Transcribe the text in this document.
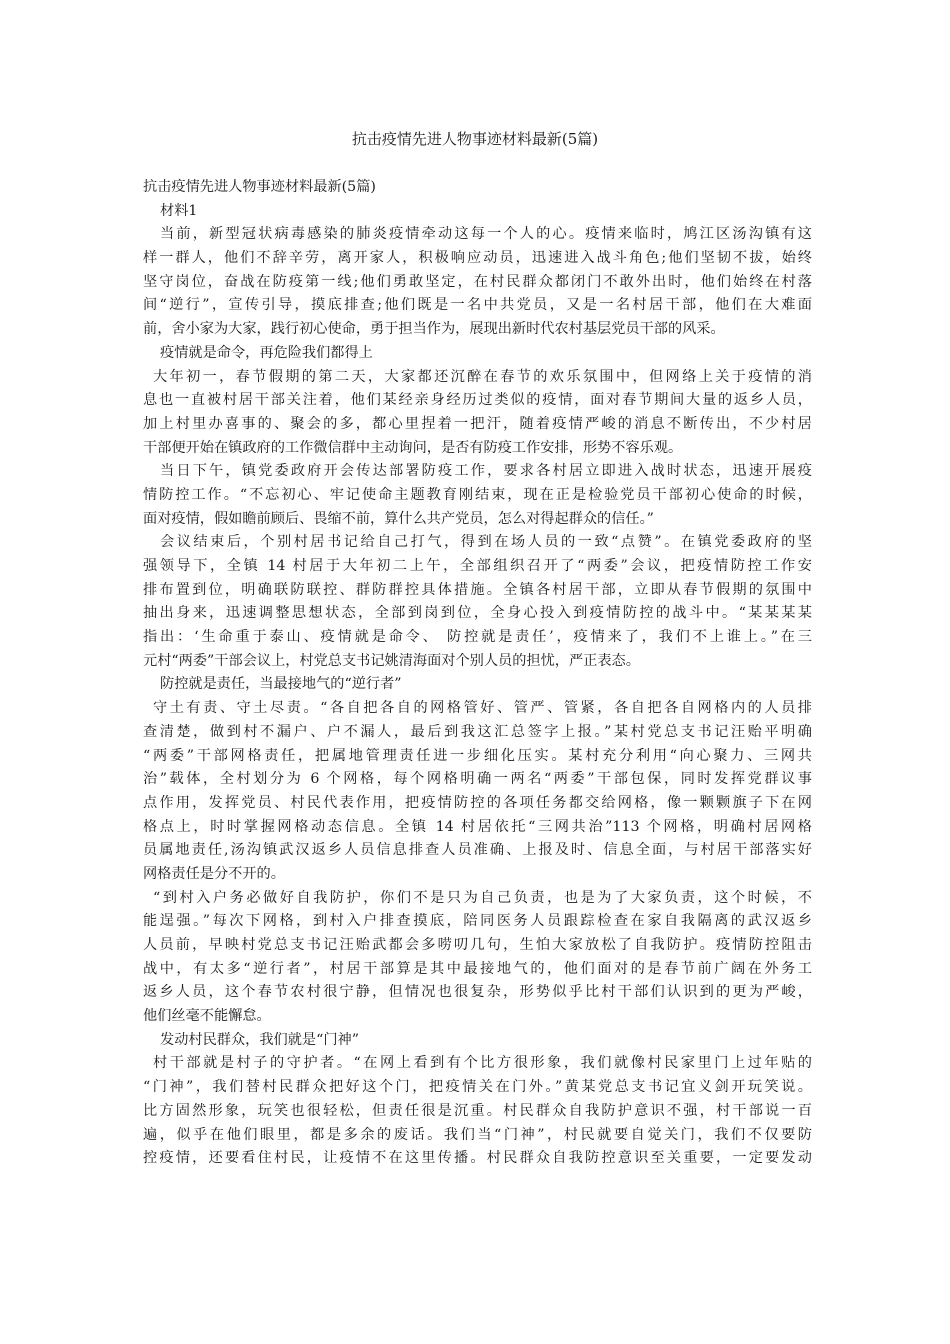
抗击疫情先进人物事迹材料最新(5篇)
抗击疫情先进人物事迹材料最新(5篇)
材料1
当前，新型冠状病毒感染的肺炎疫情牵动这每一个人的心。疫情来临时，鸠江区汤沟镇有这
样一群人，他们不辞辛劳，离开家人，积极响应动员，迅速进入战斗角色;他们坚韧不拔，始终
坚守岗位，奋战在防疫第一线;他们勇敢坚定，在村民群众都闭门不敢外出时，他们始终在村落
间“逆行”，宣传引导，摸底排查;他们既是一名中共党员，又是一名村居干部，他们在大难面
前，舍小家为大家，践行初心使命，勇于担当作为，展现出新时代农村基层党员干部的风采。
疫情就是命令，再危险我们都得上
大年初一，春节假期的第二天，大家都还沉醉在春节的欢乐氛围中，但网络上关于疫情的消
息也一直被村居干部关注着，他们某经亲身经历过类似的疫情，面对春节期间大量的返乡人员，
加上村里办喜事的、聚会的多，都心里捏着一把汗，随着疫情严峻的消息不断传出，不少村居
干部便开始在镇政府的工作微信群中主动询问，是否有防疫工作安排，形势不容乐观。
当日下午，镇党委政府开会传达部署防疫工作，要求各村居立即进入战时状态，迅速开展疫
情防控工作。“不忘初心、牢记使命主题教育刚结束，现在正是检验党员干部初心使命的时候，
面对疫情，假如瞻前顾后、畏缩不前，算什么共产党员，怎么对得起群众的信任。”
会议结束后，个别村居书记给自己打气，得到在场人员的一致“点赞”。在镇党委政府的坚
强领导下，全镇 14 村居于大年初二上午，全部组织召开了“两委”会议，把疫情防控工作安
排布置到位，明确联防联控、群防群控具体措施。全镇各村居干部，立即从春节假期的氛围中
抽出身来，迅速调整思想状态，全部到岗到位，全身心投入到疫情防控的战斗中。“某某某某
指出：‘生命重于泰山、疫情就是命令、 防控就是责任’，疫情来了，我们不上谁上。”在三
元村“两委”干部会议上，村党总支书记姚清海面对个别人员的担忧，严正表态。
防控就是责任，当最接地气的“逆行者”
守土有责、守土尽责。“各自把各自的网格管好、管严、管紧，各自把各自网格内的人员排
查清楚，做到村不漏户、户不漏人，最后到我这汇总签字上报。”某村党总支书记汪贻平明确
“两委”干部网格责任，把属地管理责任进一步细化压实。某村充分利用“向心聚力、三网共
治”载体，全村划分为 6 个网格，每个网格明确一两名“两委”干部包保，同时发挥党群议事
点作用，发挥党员、村民代表作用，把疫情防控的各项任务都交给网格，像一颗颗旗子下在网
格点上，时时掌握网格动态信息。全镇 14 村居依托“三网共治”113 个网格，明确村居网格
员属地责任,汤沟镇武汉返乡人员信息排查人员准确、上报及时、信息全面，与村居干部落实好
网格责任是分不开的。
“到村入户务必做好自我防护，你们不是只为自己负责，也是为了大家负责，这个时候，不
能逞强。”每次下网格，到村入户排查摸底，陪同医务人员跟踪检查在家自我隔离的武汉返乡
人员前，早映村党总支书记汪贻武都会多唠叨几句，生怕大家放松了自我防护。疫情防控阻击
战中，有太多“逆行者”，村居干部算是其中最接地气的，他们面对的是春节前广阔在外务工
返乡人员，这个春节农村很宁静，但情况也很复杂，形势似乎比村干部们认识到的更为严峻，
他们丝毫不能懈怠。
发动村民群众，我们就是“门神”
村干部就是村子的守护者。“在网上看到有个比方很形象，我们就像村民家里门上过年贴的
“门神”，我们替村民群众把好这个门，把疫情关在门外。”黄某党总支书记宜义剑开玩笑说。
比方固然形象，玩笑也很轻松，但责任很是沉重。村民群众自我防护意识不强，村干部说一百
遍，似乎在他们眼里，都是多余的废话。我们当“门神”，村民就要自觉关门，我们不仅要防
控疫情，还要看住村民，让疫情不在这里传播。村民群众自我防控意识至关重要，一定要发动
